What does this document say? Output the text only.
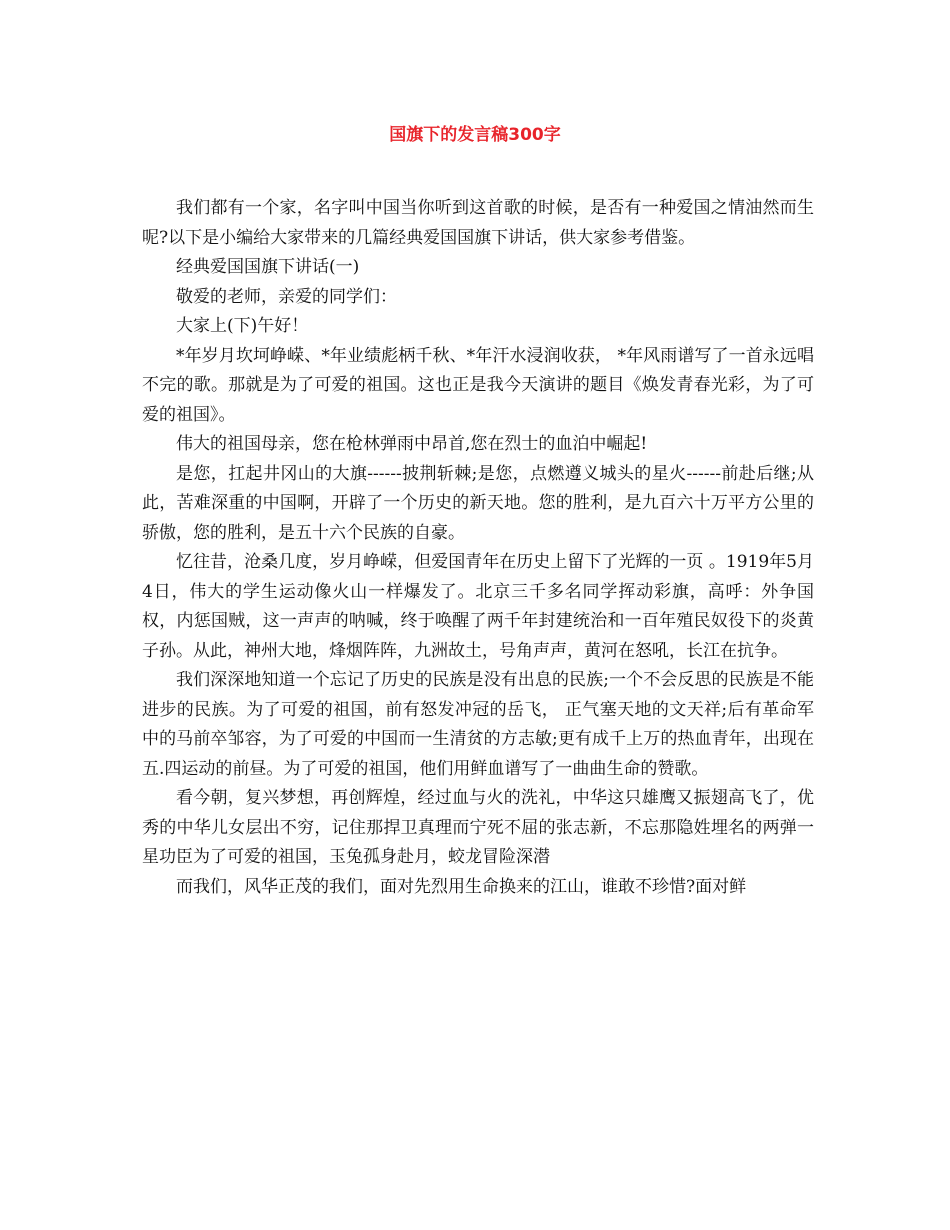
国旗下的发言稿300字

我们都有一个家，名字叫中国当你听到这首歌的时候，是否有一种爱国之情油然而生呢?以下是小编给大家带来的几篇经典爱国国旗下讲话，供大家参考借鉴。

经典爱国国旗下讲话(一)

敬爱的老师，亲爱的同学们：

大家上(下)午好！

*年岁月坎坷峥嵘、*年业绩彪柄千秋、*年汗水浸润收获， *年风雨谱写了一首永远唱不完的歌。那就是为了可爱的祖国。这也正是我今天演讲的题目《焕发青春光彩，为了可爱的祖国》。

伟大的祖国母亲，您在枪林弹雨中昂首,您在烈士的血泊中崛起!

是您，扛起井冈山的大旗------披荆斩棘;是您，点燃遵义城头的星火------前赴后继;从此，苦难深重的中国啊，开辟了一个历史的新天地。您的胜利，是九百六十万平方公里的骄傲，您的胜利，是五十六个民族的自豪。

忆往昔，沧桑几度，岁月峥嵘，但爱国青年在历史上留下了光辉的一页 。1919年5月4日，伟大的学生运动像火山一样爆发了。北京三千多名同学挥动彩旗，高呼：外争国权，内惩国贼，这一声声的呐喊，终于唤醒了两千年封建统治和一百年殖民奴役下的炎黄子孙。从此，神州大地，烽烟阵阵，九洲故土，号角声声，黄河在怒吼，长江在抗争。

我们深深地知道一个忘记了历史的民族是没有出息的民族;一个不会反思的民族是不能进步的民族。为了可爱的祖国，前有怒发冲冠的岳飞， 正气塞天地的文天祥;后有革命军中的马前卒邹容，为了可爱的中国而一生清贫的方志敏;更有成千上万的热血青年，出现在五.四运动的前昼。为了可爱的祖国，他们用鲜血谱写了一曲曲生命的赞歌。

看今朝，复兴梦想，再创辉煌，经过血与火的洗礼，中华这只雄鹰又振翅高飞了，优秀的中华儿女层出不穷，记住那捍卫真理而宁死不屈的张志新，不忘那隐姓埋名的两弹一星功臣为了可爱的祖国，玉兔孤身赴月，蛟龙冒险深潜

而我们，风华正茂的我们，面对先烈用生命换来的江山，谁敢不珍惜?面对鲜
